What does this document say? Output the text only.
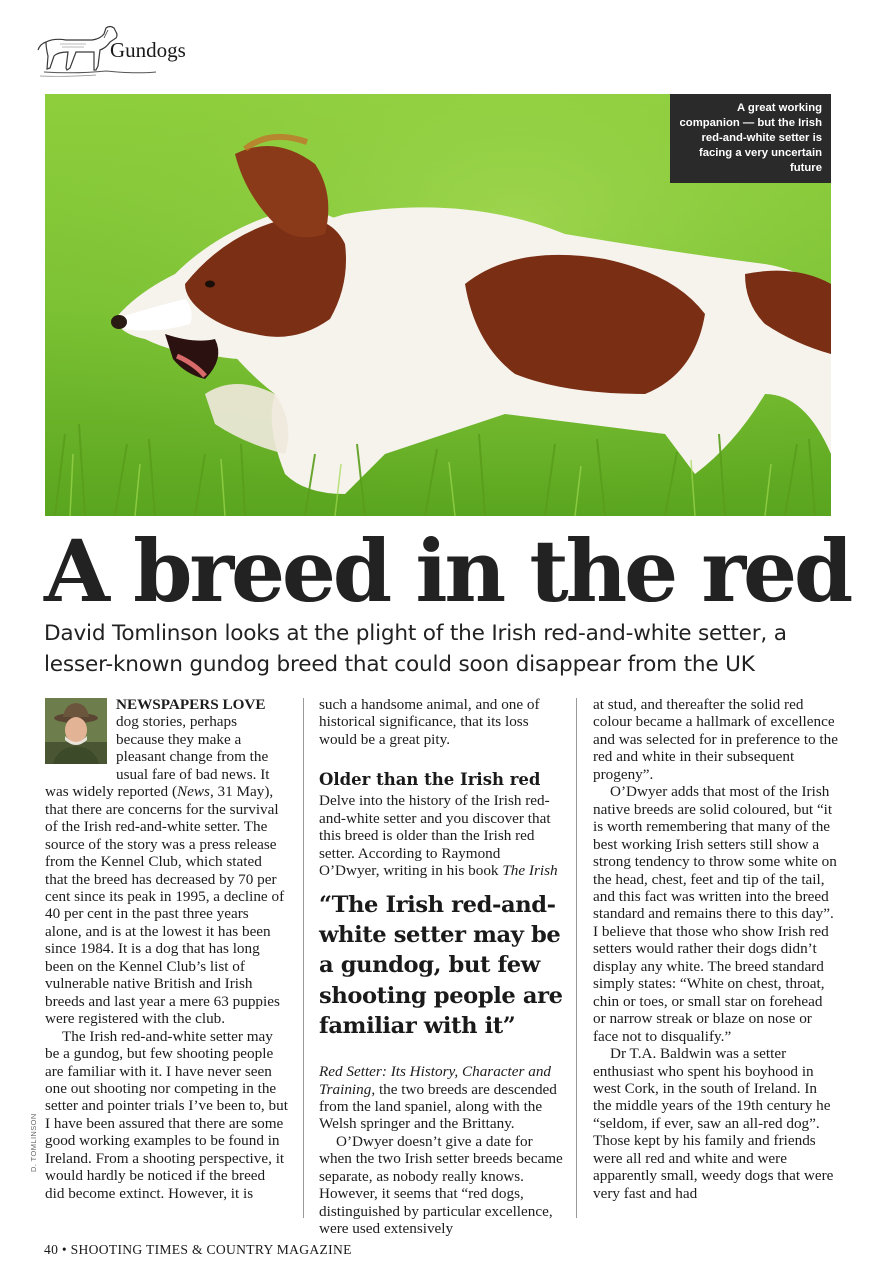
Gundogs
A great working companion — but the Irish red-and-white setter is facing a very uncertain future
A breed in the red

David Tomlinson looks at the plight of the Irish red-and-white setter, a lesser-known gundog breed that could soon disappear from the UK

NEWSPAPERS LOVE dog stories, perhaps because they make a pleasant change from the usual fare of bad news. It was widely reported (News, 31 May), that there are concerns for the survival of the Irish red-and-white setter. The source of the story was a press release from the Kennel Club, which stated that the breed has decreased by 70 per cent since its peak in 1995, a decline of 40 per cent in the past three years alone, and is at the lowest it has been since 1984. It is a dog that has long been on the Kennel Club’s list of vulnerable native British and Irish breeds and last year a mere 63 puppies were registered with the club.

The Irish red-and-white setter may be a gundog, but few shooting people are familiar with it. I have never seen one out shooting nor competing in the setter and pointer trials I’ve been to, but I have been assured that there are some good working examples to be found in Ireland. From a shooting perspective, it would hardly be noticed if the breed did become extinct. However, it is

such a handsome animal, and one of historical significance, that its loss would be a great pity.

Older than the Irish red

Delve into the history of the Irish red-and-white setter and you discover that this breed is older than the Irish red setter. According to Raymond O’Dwyer, writing in his book The Irish

“The Irish red-and-white setter may be a gundog, but few shooting people are familiar with it”

Red Setter: Its History, Character and Training, the two breeds are descended from the land spaniel, along with the Welsh springer and the Brittany.

O’Dwyer doesn’t give a date for when the two Irish setter breeds became separate, as nobody really knows. However, it seems that “red dogs, distinguished by particular excellence, were used extensively

at stud, and thereafter the solid red colour became a hallmark of excellence and was selected for in preference to the red and white in their subsequent progeny”.

O’Dwyer adds that most of the Irish native breeds are solid coloured, but “it is worth remembering that many of the best working Irish setters still show a strong tendency to throw some white on the head, chest, feet and tip of the tail, and this fact was written into the breed standard and remains there to this day”. I believe that those who show Irish red setters would rather their dogs didn’t display any white. The breed standard simply states: “White on chest, throat, chin or toes, or small star on forehead or narrow streak or blaze on nose or face not to disqualify.”

Dr T.A. Baldwin was a setter enthusiast who spent his boyhood in west Cork, in the south of Ireland. In the middle years of the 19th century he “seldom, if ever, saw an all-red dog”. Those kept by his family and friends were all red and white and were apparently small, weedy dogs that were very fast and had

D. TOMLINSON
40 • SHOOTING TIMES & COUNTRY MAGAZINE
